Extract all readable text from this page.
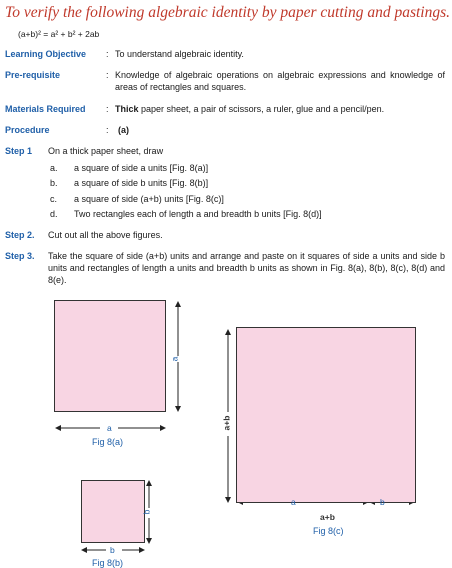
To verify the following algebraic identity by paper cutting and pastings.
(a+b)² = a² + b² + 2ab
Learning Objective : To understand algebraic identity.
Pre-requisite	: Knowledge of algebraic operations on algebraic expressions and knowledge of areas of rectangles and squares.
Materials Required : Thick paper sheet, a pair of scissors, a ruler, glue and a pencil/pen.
Procedure	: (a)
Step 1 On a thick paper sheet, draw
a. a square of side a units [Fig. 8(a)]
b. a square of side b units [Fig. 8(b)]
c. a square of side (a+b) units [Fig. 8(c)]
d. Two rectangles each of length a and breadth b units [Fig. 8(d)]
Step 2. Cut out all the above figures.
Step 3. Take the square of side (a+b) units and arrange and paste on it squares of side a units and side b units and rectangles of length a units and breadth b units as shown in Fig. 8(a), 8(b), 8(c), 8(d) and 8(e).
a
a
Fig 8(a)
b
b
Fig 8(b)
a+b
a	b
a+b
Fig 8(c)
